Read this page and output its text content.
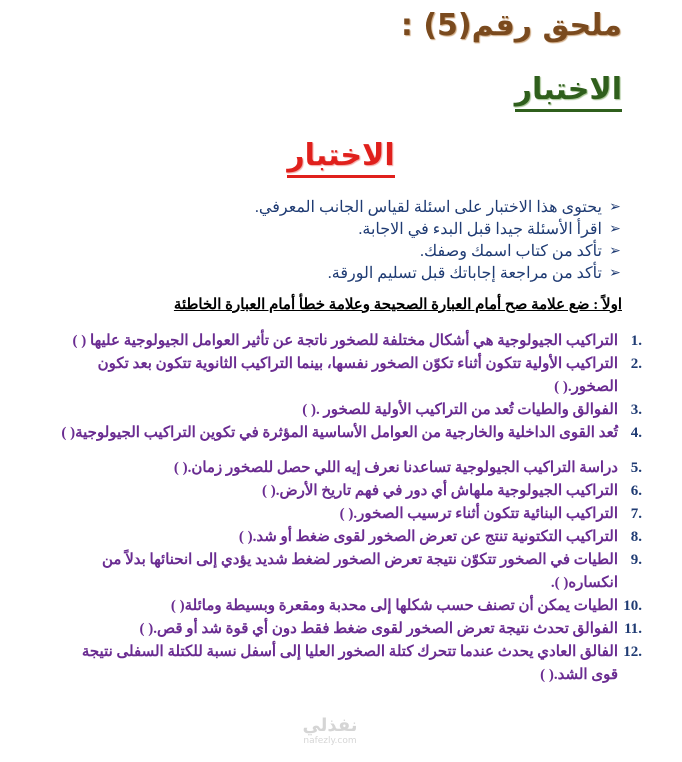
ملحق رقم(5) :
الاختبار
الاختبار
➢
يحتوى هذا الاختبار على اسئلة لقياس الجانب المعرفي.
➢
اقرأ الأسئلة جيدا قبل البدء في الاجابة.
➢
تأكد من كتاب اسمك وصفك.
➢
تأكد من مراجعة إجاباتك قبل تسليم الورقة.
اولاً : ضع علامة صح أمام العبارة الصحيحة وعلامة خطأ أمام العبارة الخاطئة
.1
التراكيب الجيولوجية هي أشكال مختلفة للصخور ناتجة عن تأثير العوامل الجيولوجية عليها ( )
.2
التراكيب الأولية تتكون أثناء تكوّن الصخور نفسها، بينما التراكيب الثانوية تتكون بعد تكون الصخور.( )
.3
الفوالق والطيات تُعد من التراكيب الأولية للصخور .( )
.4
تُعد القوى الداخلية والخارجية من العوامل الأساسية المؤثرة في تكوين التراكيب الجيولوجية( )
.5
دراسة التراكيب الجيولوجية تساعدنا نعرف إيه اللي حصل للصخور زمان.( )
.6
التراكيب الجيولوجية ملهاش أي دور في فهم تاريخ الأرض.( )
.7
التراكيب البنائية تتكون أثناء ترسيب الصخور.( )
.8
التراكيب التكتونية تنتج عن تعرض الصخور لقوى ضغط أو شد.( )
.9
الطيات في الصخور تتكوّن نتيجة تعرض الصخور لضغط شديد يؤدي إلى انحنائها بدلاً من انكساره( ).
.10
الطيات يمكن أن تصنف حسب شكلها إلى محدبة ومقعرة وبسيطة ومائلة( )
.11
الفوالق تحدث نتيجة تعرض الصخور لقوى ضغط فقط دون أي قوة شد أو قص.( )
.12
الفالق العادي يحدث عندما تتحرك كتلة الصخور العليا إلى أسفل نسبة للكتلة السفلى نتيجة قوى الشد.( )
نفذلي
nafezly.com
